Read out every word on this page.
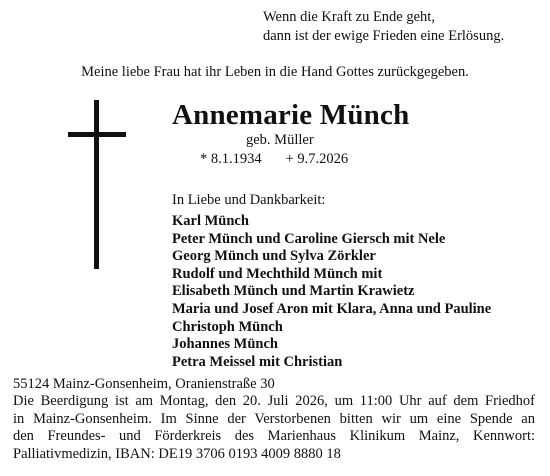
Wenn die Kraft zu Ende geht,
dann ist der ewige Frieden eine Erlösung.
Meine liebe Frau hat ihr Leben in die Hand Gottes zurückgegeben.
Annemarie Münch
geb. Müller
* 8.1.1934 + 9.7.2026
In Liebe und Dankbarkeit:
Karl Münch
Peter Münch und Caroline Giersch mit Nele
Georg Münch und Sylva Zörkler
Rudolf und Mechthild Münch mit
Elisabeth Münch und Martin Krawietz
Maria und Josef Aron mit Klara, Anna und Pauline
Christoph Münch
Johannes Münch
Petra Meissel mit Christian
55124 Mainz-Gonsenheim, Oranienstraße 30
Die Beerdigung ist am Montag, den 20. Juli 2026, um 11:00 Uhr auf dem Friedhof
in Mainz-Gonsenheim. Im Sinne der Verstorbenen bitten wir um eine Spende an
den Freundes- und Förderkreis des Marienhaus Klinikum Mainz, Kennwort:
Palliativmedizin, IBAN: DE19 3706 0193 4009 8880 18
